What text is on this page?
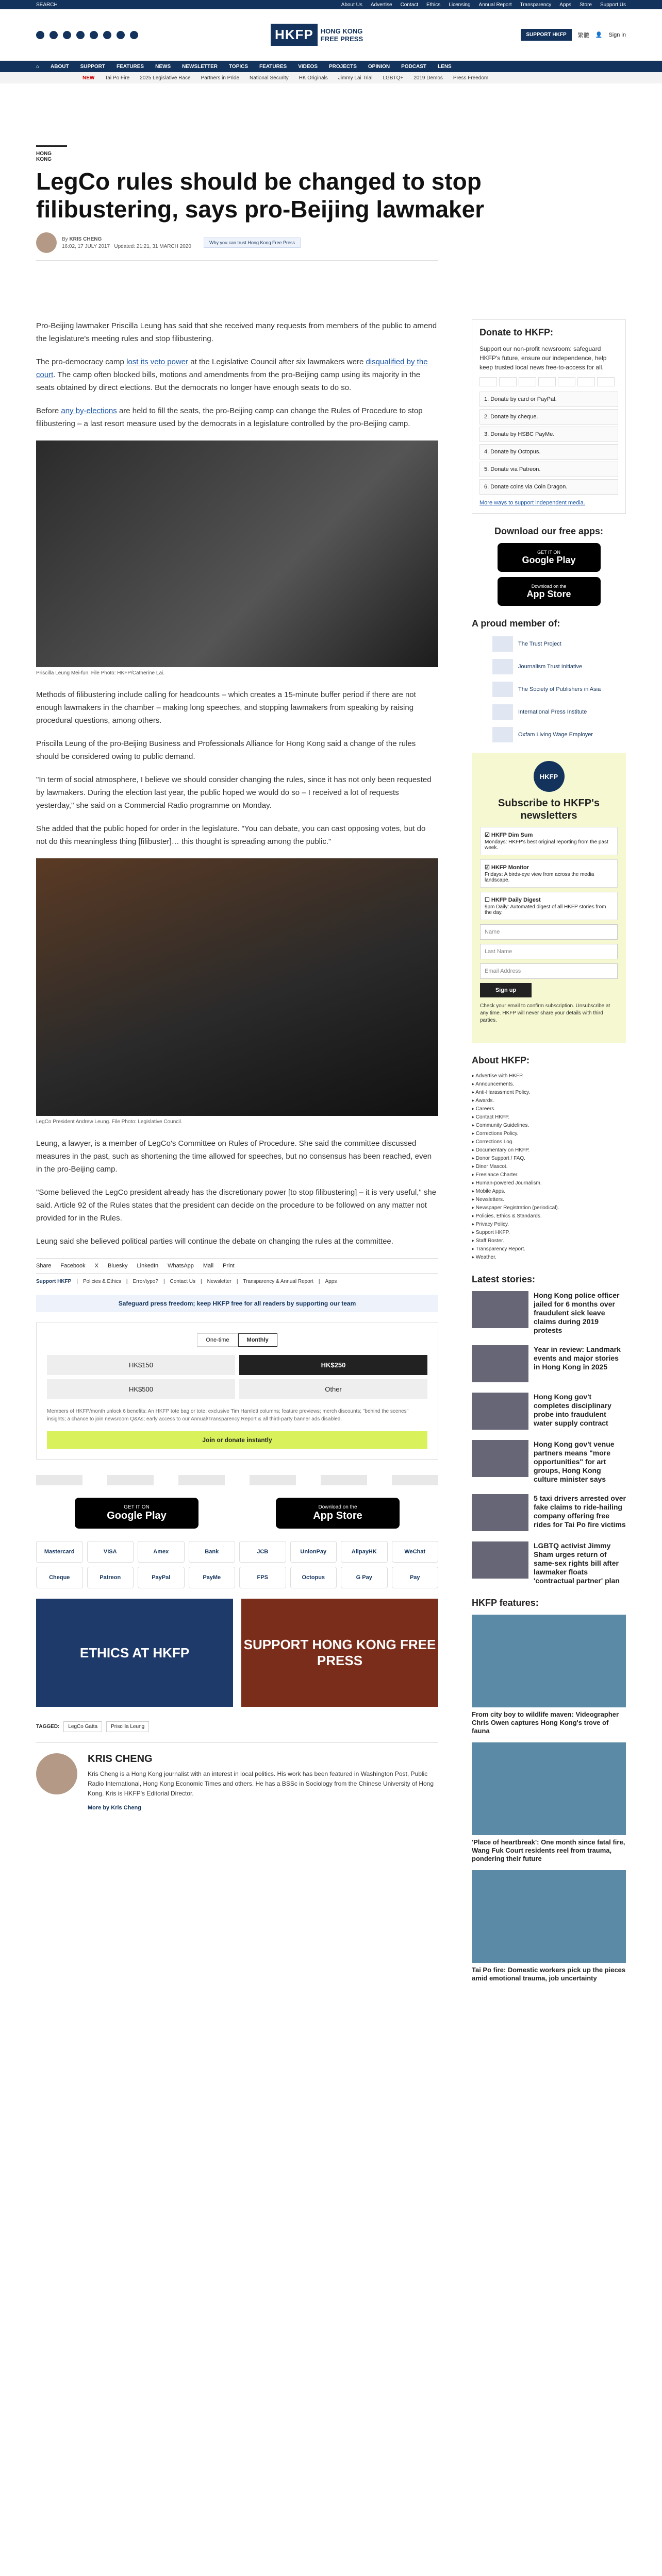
SEARCH	About Us Advertise Contact Ethics Licensing Annual Report Transparency Apps Store Support Us
HKFP	HONG KONG
FREE PRESS	SUPPORT HKFP	繁體 👤 Sign in
⌂ ABOUT SUPPORT FEATURES NEWS NEWSLETTER TOPICS FEATURES VIDEOS PROJECTS OPINION PODCAST LENS
NEW Tai Po Fire 2025 Legislative Race Partners in Pride National Security HK Originals Jimmy Lai Trial LGBTQ+ 2019 Demos Press Freedom
HONG KONG
LegCo rules should be changed to stop filibustering, says pro-Beijing lawmaker
By KRIS CHENG
16:02, 17 JULY 2017 Updated: 21:21, 31 MARCH 2020
Why you can trust Hong Kong Free Press

Pro-Beijing lawmaker Priscilla Leung has said that she received many requests from members of the public to amend the legislature's meeting rules and stop filibustering.

The pro-democracy camp lost its veto power at the Legislative Council after six lawmakers were disqualified by the court. The camp often blocked bills, motions and amendments from the pro-Beijing camp using its majority in the seats obtained by direct elections. But the democrats no longer have enough seats to do so.

Before any by-elections are held to fill the seats, the pro-Beijing camp can change the Rules of Procedure to stop filibustering – a last resort measure used by the democrats in a legislature controlled by the pro-Beijing camp.

Priscilla Leung Mei-fun. File Photo: HKFP/Catherine Lai.

Methods of filibustering include calling for headcounts – which creates a 15-minute buffer period if there are not enough lawmakers in the chamber – making long speeches, and stopping lawmakers from speaking by raising procedural questions, among others.

Priscilla Leung of the pro-Beijing Business and Professionals Alliance for Hong Kong said a change of the rules should be considered owing to public demand.

"In term of social atmosphere, I believe we should consider changing the rules, since it has not only been requested by lawmakers. During the election last year, the public hoped we would do so – I received a lot of requests yesterday," she said on a Commercial Radio programme on Monday.

She added that the public hoped for order in the legislature. "You can debate, you can cast opposing votes, but do not do this meaningless thing [filibuster]… this thought is spreading among the public."

LegCo President Andrew Leung. File Photo: Legislative Council.

Leung, a lawyer, is a member of LegCo's Committee on Rules of Procedure. She said the committee discussed measures in the past, such as shortening the time allowed for speeches, but no consensus has been reached, even in the pro-Beijing camp.

"Some believed the LegCo president already has the discretionary power [to stop filibustering] – it is very useful," she said. Article 92 of the Rules states that the president can decide on the procedure to be followed on any matter not provided for in the Rules.

Leung said she believed political parties will continue the debate on changing the rules at the committee.

Share Facebook X Bluesky LinkedIn WhatsApp Mail Print
Support HKFP | Policies & Ethics | Error/typo? | Contact Us | Newsletter | Transparency & Annual Report | Apps
Safeguard press freedom; keep HKFP free for all readers by supporting our team
One-time	Monthly
HK$150	HK$250
HK$500	Other
Members of HKFP/month unlock 6 benefits: An HKFP tote bag or tote; exclusive Tim Hamlett columns; feature previews; merch discounts; "behind the scenes" insights; a chance to join newsroom Q&As; early access to our Annual/Transparency Report & all third-party banner ads disabled.
Join or donate instantly
GET IT ON
Google Play
Download on the
App Store
Mastercard	VISA	Amex	Bank	JCB	UnionPay	AlipayHK	WeChat
Cheque	Patreon	PayPal	PayMe	FPS	Octopus	G Pay	Pay
ETHICS AT HKFP
SUPPORT HONG KONG FREE PRESS
TAGGED:	LegCo Gatta	Priscilla Leung
KRIS CHENG

Kris Cheng is a Hong Kong journalist with an interest in local politics. His work has been featured in Washington Post, Public Radio International, Hong Kong Economic Times and others. He has a BSSc in Sociology from the Chinese University of Hong Kong. Kris is HKFP's Editorial Director.

More by Kris Cheng
Donate to HKFP:

Support our non-profit newsroom: safeguard HKFP's future, ensure our independence, help keep trusted local news free-to-access for all.

1. Donate by card or PayPal.
2. Donate by cheque.
3. Donate by HSBC PayMe.
4. Donate by Octopus.
5. Donate via Patreon.
6. Donate coins via Coin Dragon.
More ways to support independent media.
Download our free apps:
GET IT ON
Google Play
Download on the
App Store
A proud member of:
The Trust Project
Journalism Trust Initiative
The Society of Publishers in Asia
International Press Institute
Oxfam Living Wage Employer
HKFP
Subscribe to HKFP's newsletters
☑ HKFP Dim Sum
Mondays: HKFP's best original reporting from the past week.
☑ HKFP Monitor
Fridays: A birds-eye view from across the media landscape.
☐ HKFP Daily Digest
9pm Daily: Automated digest of all HKFP stories from the day.
Name
Last Name
Email Address
Sign up

Check your email to confirm subscription. Unsubscribe at any time. HKFP will never share your details with third parties.

About HKFP:
▸ Advertise with HKFP.
▸ Announcements.
▸ Anti-Harassment Policy.
▸ Awards.
▸ Careers.
▸ Contact HKFP.
▸ Community Guidelines.
▸ Corrections Policy.
▸ Corrections Log.
▸ Documentary on HKFP.
▸ Donor Support / FAQ.
▸ Diner Mascot.
▸ Freelance Charter.
▸ Human-powered Journalism.
▸ Mobile Apps.
▸ Newsletters.
▸ Newspaper Registration (periodical).
▸ Policies, Ethics & Standards.
▸ Privacy Policy.
▸ Support HKFP.
▸ Staff Roster.
▸ Transparency Report.
▸ Weather.
Latest stories:
Hong Kong police officer jailed for 6 months over fraudulent sick leave claims during 2019 protests
Year in review: Landmark events and major stories in Hong Kong in 2025
Hong Kong gov't completes disciplinary probe into fraudulent water supply contract
Hong Kong gov't venue partners means "more opportunities" for art groups, Hong Kong culture minister says
5 taxi drivers arrested over fake claims to ride-hailing company offering free rides for Tai Po fire victims
LGBTQ activist Jimmy Sham urges return of same-sex rights bill after lawmaker floats 'contractual partner' plan
HKFP features:
From city boy to wildlife maven: Videographer Chris Owen captures Hong Kong's trove of fauna
'Place of heartbreak': One month since fatal fire, Wang Fuk Court residents reel from trauma, pondering their future
Tai Po fire: Domestic workers pick up the pieces amid emotional trauma, job uncertainty
